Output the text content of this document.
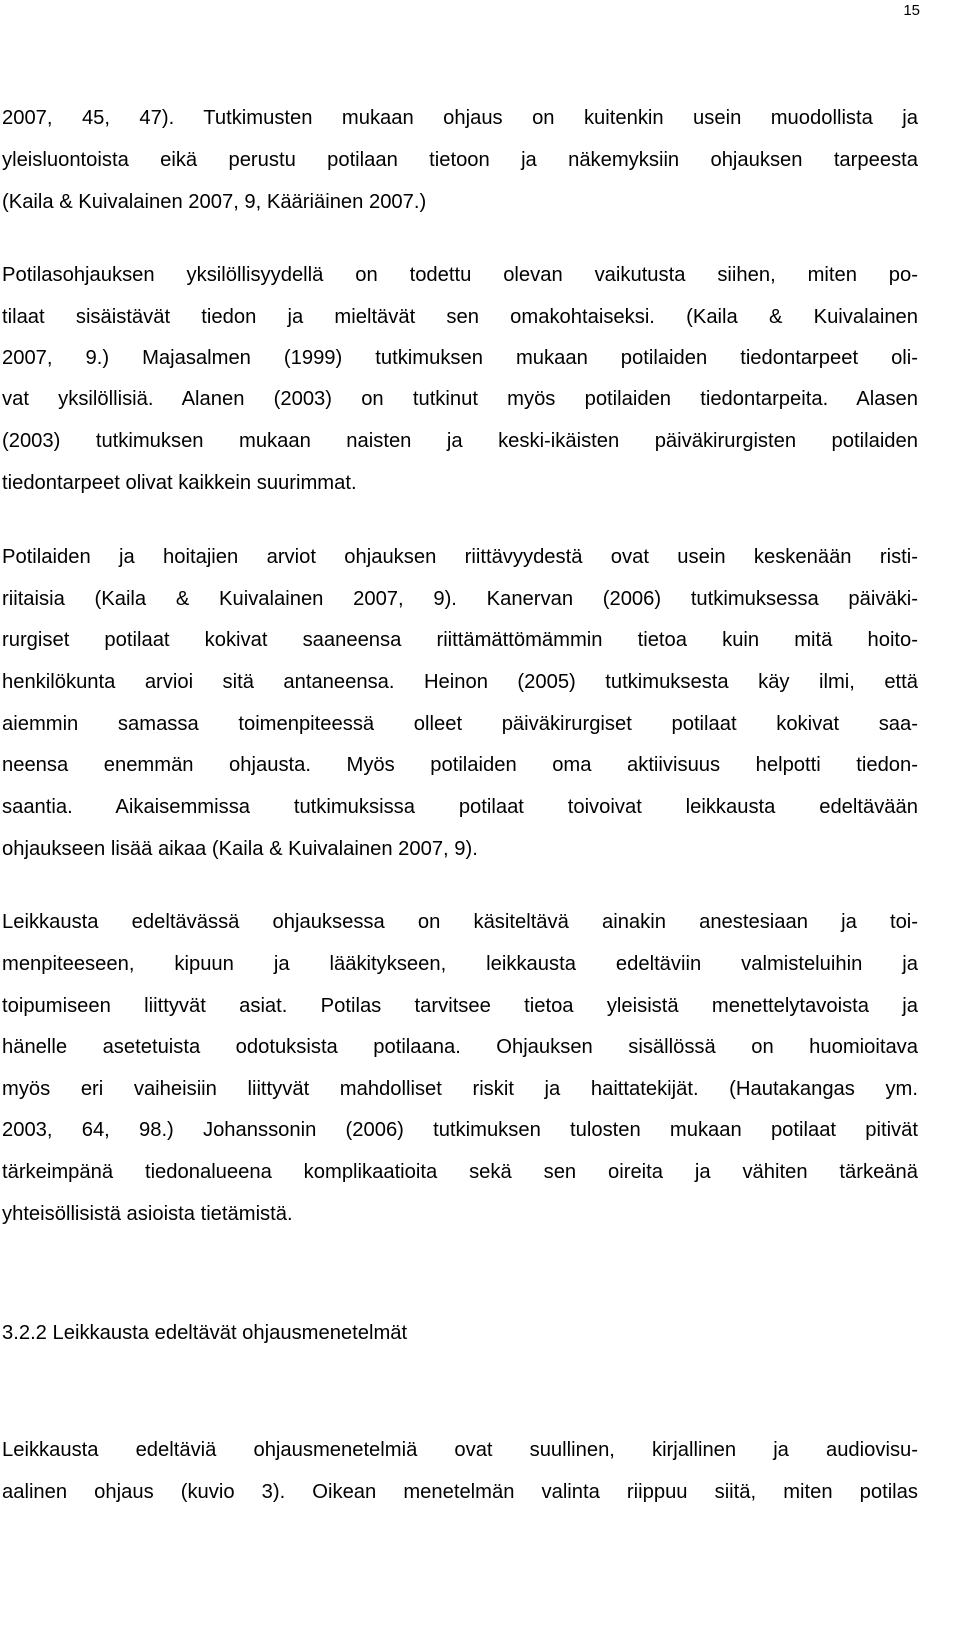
15
2007, 45, 47). Tutkimusten mukaan ohjaus on kuitenkin usein muodollista ja
yleisluontoista eikä perustu potilaan tietoon ja näkemyksiin ohjauksen tarpeesta
(Kaila & Kuivalainen 2007, 9, Kääriäinen 2007.)
Potilasohjauksen yksilöllisyydellä on todettu olevan vaikutusta siihen, miten po-
tilaat sisäistävät tiedon ja mieltävät sen omakohtaiseksi. (Kaila & Kuivalainen
2007, 9.) Majasalmen (1999) tutkimuksen mukaan potilaiden tiedontarpeet oli-
vat yksilöllisiä. Alanen (2003) on tutkinut myös potilaiden tiedontarpeita. Alasen
(2003) tutkimuksen mukaan naisten ja keski-ikäisten päiväkirurgisten potilaiden
tiedontarpeet olivat kaikkein suurimmat.
Potilaiden ja hoitajien arviot ohjauksen riittävyydestä ovat usein keskenään risti-
riitaisia (Kaila & Kuivalainen 2007, 9). Kanervan (2006) tutkimuksessa päiväki-
rurgiset potilaat kokivat saaneensa riittämättömämmin tietoa kuin mitä hoito-
henkilökunta arvioi sitä antaneensa. Heinon (2005) tutkimuksesta käy ilmi, että
aiemmin samassa toimenpiteessä olleet päiväkirurgiset potilaat kokivat saa-
neensa enemmän ohjausta. Myös potilaiden oma aktiivisuus helpotti tiedon-
saantia. Aikaisemmissa tutkimuksissa potilaat toivoivat leikkausta edeltävään
ohjaukseen lisää aikaa (Kaila & Kuivalainen 2007, 9).
Leikkausta edeltävässä ohjauksessa on käsiteltävä ainakin anestesiaan ja toi-
menpiteeseen, kipuun ja lääkitykseen, leikkausta edeltäviin valmisteluihin ja
toipumiseen liittyvät asiat. Potilas tarvitsee tietoa yleisistä menettelytavoista ja
hänelle asetetuista odotuksista potilaana. Ohjauksen sisällössä on huomioitava
myös eri vaiheisiin liittyvät mahdolliset riskit ja haittatekijät. (Hautakangas ym.
2003, 64, 98.) Johanssonin (2006) tutkimuksen tulosten mukaan potilaat pitivät
tärkeimpänä tiedonalueena komplikaatioita sekä sen oireita ja vähiten tärkeänä
yhteisöllisistä asioista tietämistä.
3.2.2 Leikkausta edeltävät ohjausmenetelmät
Leikkausta edeltäviä ohjausmenetelmiä ovat suullinen, kirjallinen ja audiovisu-
aalinen ohjaus (kuvio 3). Oikean menetelmän valinta riippuu siitä, miten potilas
